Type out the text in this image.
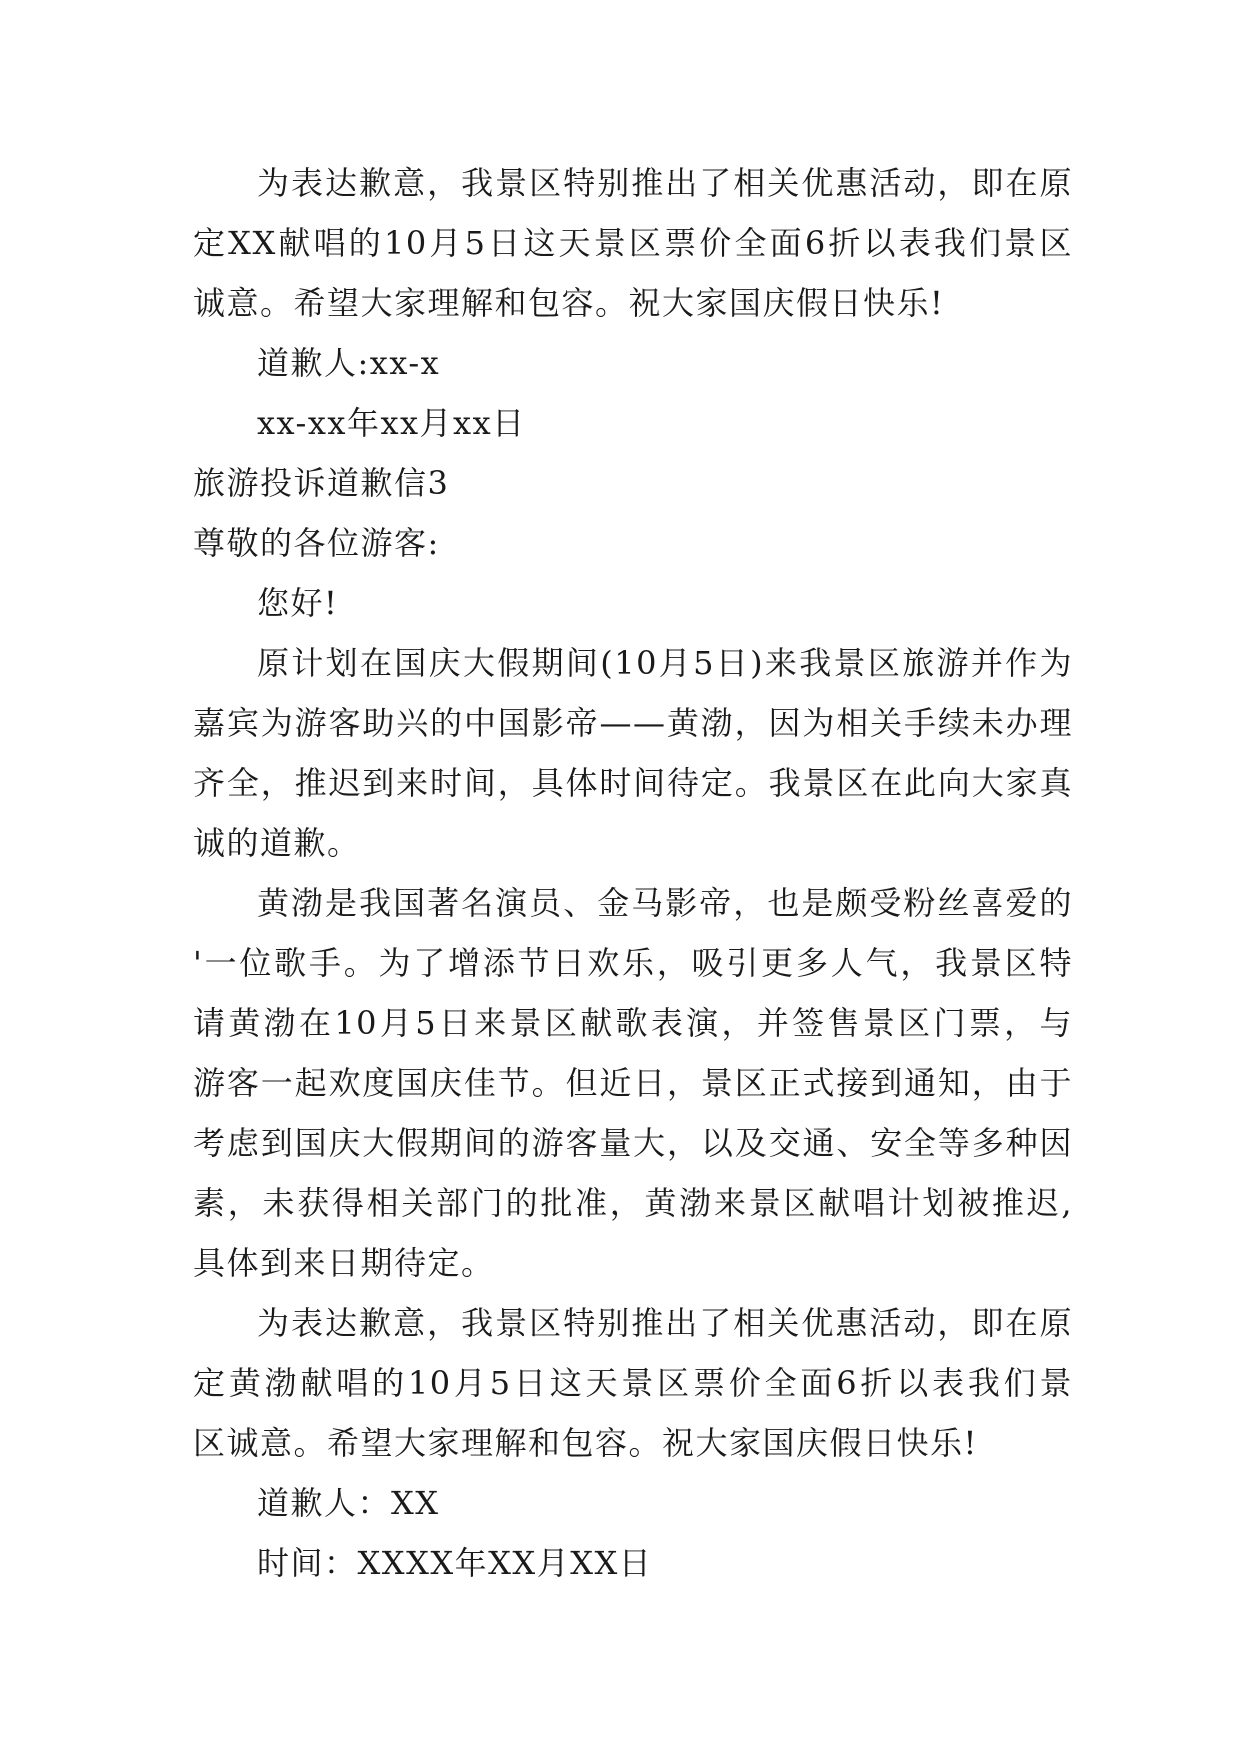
为表达歉意，我景区特别推出了相关优惠活动，即在原
定XX献唱的10月5日这天景区票价全面6折以表我们景区
诚意。希望大家理解和包容。祝大家国庆假日快乐!
道歉人:xx-x
xx-xx年xx月xx日
旅游投诉道歉信3
尊敬的各位游客:
您好!
原计划在国庆大假期间(10月5日)来我景区旅游并作为
嘉宾为游客助兴的中国影帝——黄渤，因为相关手续未办理
齐全，推迟到来时间，具体时间待定。我景区在此向大家真
诚的道歉。
黄渤是我国著名演员、金马影帝，也是颇受粉丝喜爱的
'一位歌手。为了增添节日欢乐，吸引更多人气，我景区特
请黄渤在10月5日来景区献歌表演，并签售景区门票，与
游客一起欢度国庆佳节。但近日，景区正式接到通知，由于
考虑到国庆大假期间的游客量大，以及交通、安全等多种因
素，未获得相关部门的批准，黄渤来景区献唱计划被推迟,
具体到来日期待定。
为表达歉意，我景区特别推出了相关优惠活动，即在原
定黄渤献唱的10月5日这天景区票价全面6折以表我们景
区诚意。希望大家理解和包容。祝大家国庆假日快乐!
道歉人：XX
时间：XXXX年XX月XX日
